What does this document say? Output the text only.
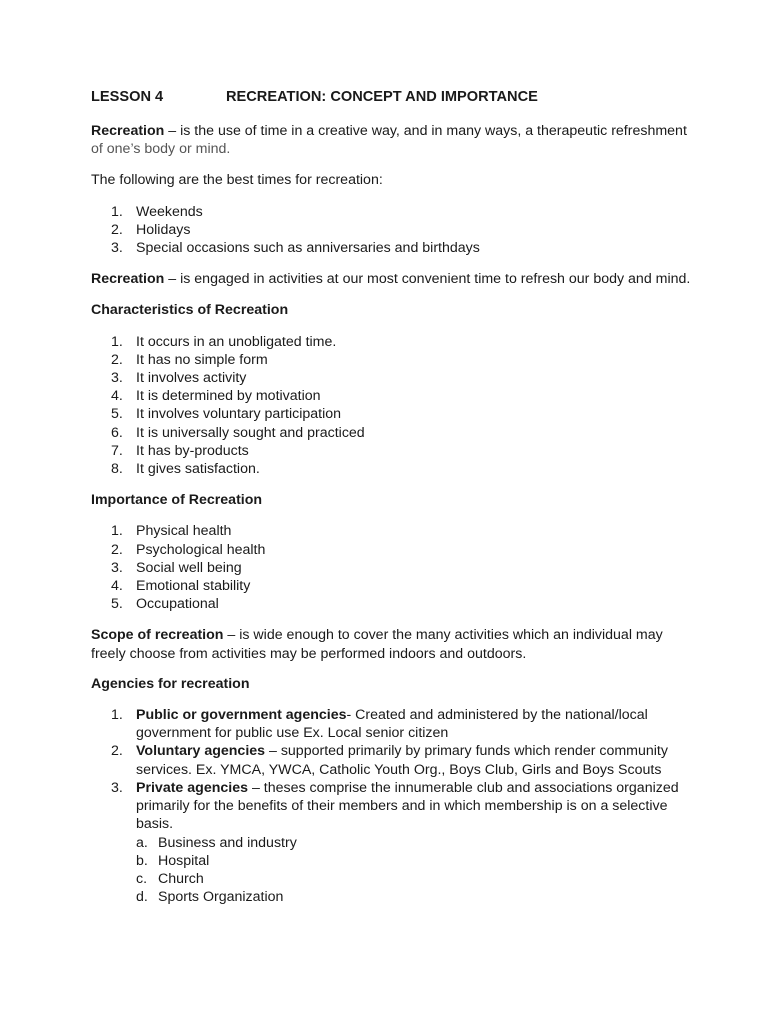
LESSON 4	RECREATION: CONCEPT AND IMPORTANCE

Recreation – is the use of time in a creative way, and in many ways, a therapeutic refreshment
of one’s body or mind.

The following are the best times for recreation:

1. Weekends
2. Holidays
3. Special occasions such as anniversaries and birthdays

Recreation – is engaged in activities at our most convenient time to refresh our body and mind.

Characteristics of Recreation

1. It occurs in an unobligated time.
2. It has no simple form
3. It involves activity
4. It is determined by motivation
5. It involves voluntary participation
6. It is universally sought and practiced
7. It has by-products
8. It gives satisfaction.

Importance of Recreation

1. Physical health
2. Psychological health
3. Social well being
4. Emotional stability
5. Occupational

Scope of recreation – is wide enough to cover the many activities which an individual may
freely choose from activities may be performed indoors and outdoors.

Agencies for recreation

1. Public or government agencies- Created and administered by the national/local
government for public use Ex. Local senior citizen
2. Voluntary agencies – supported primarily by primary funds which render community
services. Ex. YMCA, YWCA, Catholic Youth Org., Boys Club, Girls and Boys Scouts
3. Private agencies – theses comprise the innumerable club and associations organized
primarily for the benefits of their members and in which membership is on a selective
basis.
a. Business and industry
b. Hospital
c. Church
d. Sports Organization
